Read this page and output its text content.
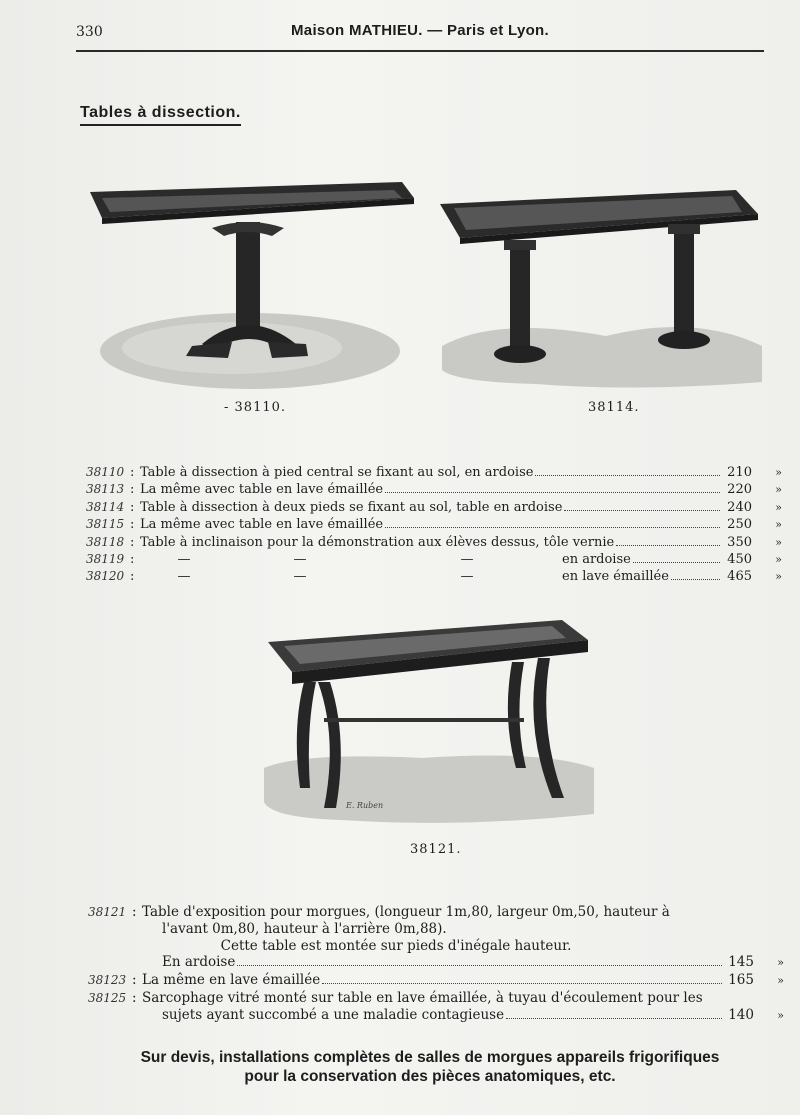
330	Maison MATHIEU. — Paris et Lyon.
Tables à dissection.
- 38110.	38114.
38110 : Table à dissection à pied central se fixant au sol, en ardoise	210	»
38113 : La même avec table en lave émaillée	220	»
38114 : Table à dissection à deux pieds se fixant au sol, table en ardoise	240	»
38115 : La même avec table en lave émaillée	250	»
38118 : Table à inclinaison pour la démonstration aux élèves dessus, tôle vernie	350	»
38119 :	—	—	—	en ardoise	450	»
38120 :	—	—	—	en lave émaillée	465	»
E. Ruben
38121.
38121 : Table d'exposition pour morgues, (longueur 1m,80, largeur 0m,50, hauteur à
l'avant 0m,80, hauteur à l'arrière 0m,88).
Cette table est montée sur pieds d'inégale hauteur.
En ardoise	145	»
38123 : La même en lave émaillée	165	»
38125 : Sarcophage vitré monté sur table en lave émaillée, à tuyau d'écoulement pour les
sujets ayant succombé a une maladie contagieuse	140	»
Sur devis, installations complètes de salles de morgues appareils frigorifiques
pour la conservation des pièces anatomiques, etc.
